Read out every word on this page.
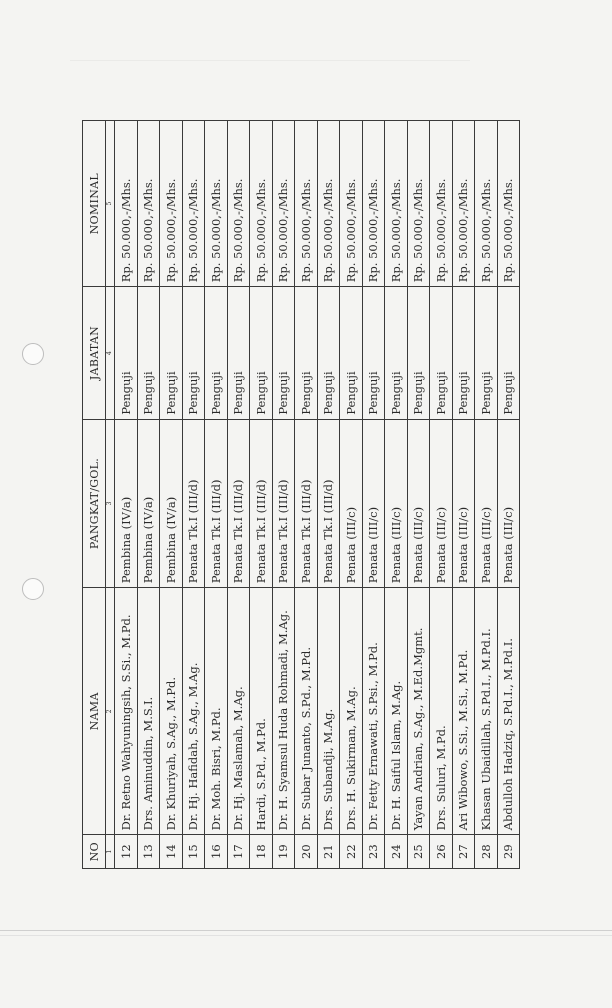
NO	NAMA	PANGKAT/GOL.	JABATAN	NOMINAL
1	2	3	4	5
12	Dr. Retno Wahyuningsih, S.Si., M.Pd.	Pembina (IV/a)	Penguji	Rp. 50.000,-/Mhs.
13	Drs. Aminuddin, M.S.I.	Pembina (IV/a)	Penguji	Rp. 50.000,-/Mhs.
14	Dr. Khuriyah, S.Ag., M.Pd.	Pembina (IV/a)	Penguji	Rp. 50.000,-/Mhs.
15	Dr. Hj. Hafidah, S.Ag., M.Ag.	Penata Tk.I (III/d)	Penguji	Rp. 50.000,-/Mhs.
16	Dr. Moh. Bisri, M.Pd.	Penata Tk.I (III/d)	Penguji	Rp. 50.000,-/Mhs.
17	Dr. Hj. Maslamah, M.Ag.	Penata Tk.I (III/d)	Penguji	Rp. 50.000,-/Mhs.
18	Hardi, S.Pd., M.Pd.	Penata Tk.I (III/d)	Penguji	Rp. 50.000,-/Mhs.
19	Dr. H. Syamsul Huda Rohmadi, M.Ag.	Penata Tk.I (III/d)	Penguji	Rp. 50.000,-/Mhs.
20	Dr. Subar Junanto, S.Pd., M.Pd.	Penata Tk.I (III/d)	Penguji	Rp. 50.000,-/Mhs.
21	Drs. Subandji, M.Ag.	Penata Tk.I (III/d)	Penguji	Rp. 50.000,-/Mhs.
22	Drs. H. Sukirman, M.Ag.	Penata (III/c)	Penguji	Rp. 50.000,-/Mhs.
23	Dr. Fetty Ernawati, S.Psi., M.Pd.	Penata (III/c)	Penguji	Rp. 50.000,-/Mhs.
24	Dr. H. Saiful Islam, M.Ag.	Penata (III/c)	Penguji	Rp. 50.000,-/Mhs.
25	Yayan Andrian, S.Ag., M.Ed.Mgmt.	Penata (III/c)	Penguji	Rp. 50.000,-/Mhs.
26	Drs. Suluri, M.Pd.	Penata (III/c)	Penguji	Rp. 50.000,-/Mhs.
27	Ari Wibowo, S.Si., M.Si., M.Pd.	Penata (III/c)	Penguji	Rp. 50.000,-/Mhs.
28	Khasan Ubaidillah, S.Pd.I., M.Pd.I.	Penata (III/c)	Penguji	Rp. 50.000,-/Mhs.
29	Abdulloh Hadziq, S.Pd.I., M.Pd.I.	Penata (III/c)	Penguji	Rp. 50.000,-/Mhs.
